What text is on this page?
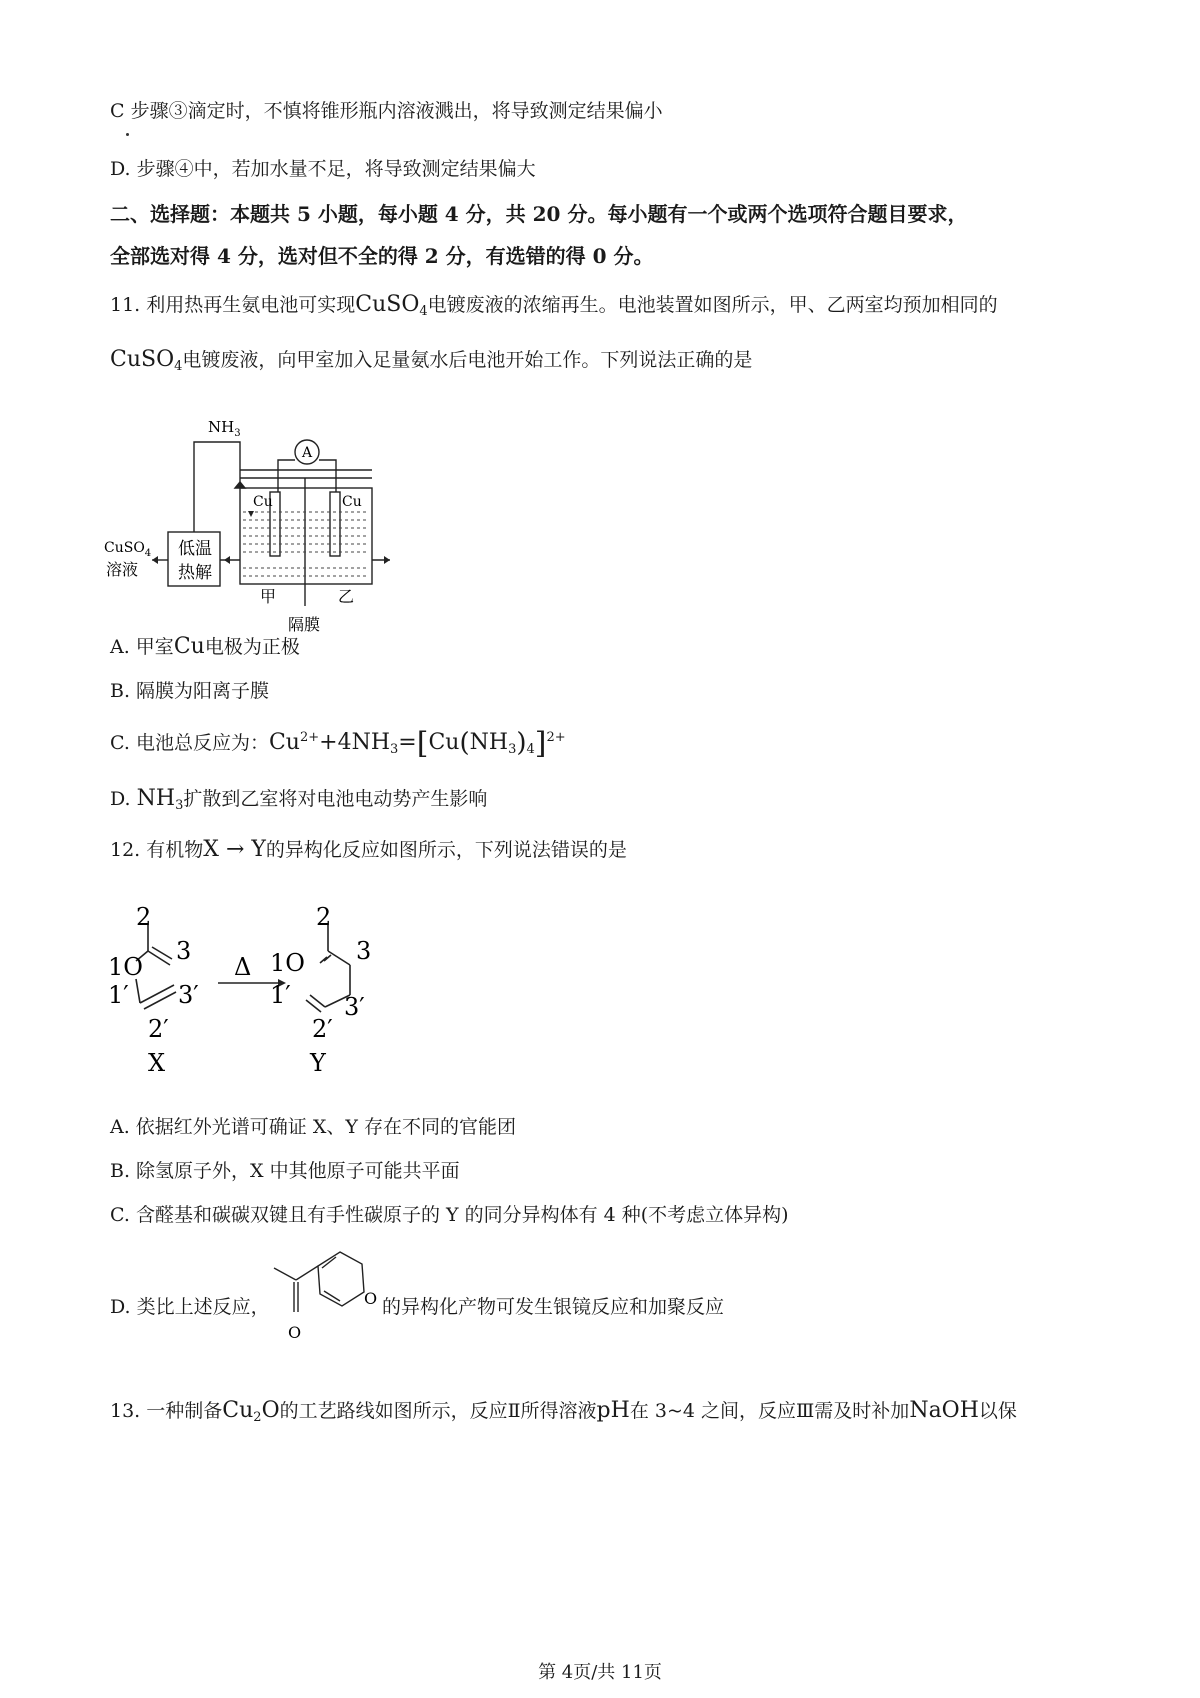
C 步骤③滴定时，不慎将锥形瓶内溶液溅出，将导致测定结果偏小
D. 步骤④中，若加水量不足，将导致测定结果偏大
二、选择题：本题共 5 小题，每小题 4 分，共 20 分。每小题有一个或两个选项符合题目要求，
全部选对得 4 分，选对但不全的得 2 分，有选错的得 0 分。
11. 利用热再生氨电池可实现CuSO$_4$电镀废液的浓缩再生。电池装置如图所示，甲、乙两室均预加相同的
CuSO$_4$电镀废液，向甲室加入足量氨水后电池开始工作。下列说法正确的是
$NH_3$
A
Cu	Cu
CuSO$_4$
溶液
低温
热解
甲	乙
隔膜
A. 甲室Cu电极为正极
B. 隔膜为阳离子膜
C. 电池总反应为：$Cu^{2+}+4NH_3=[Cu(NH_3)_4]^{2+}$
D. $NH_3$扩散到乙室将对电池电动势产生影响
12. 有机物X → Y的异构化反应如图所示，下列说法错误的是
2
3
1O
1′ 3′
2′
X
Δ
2
3
1O
1′ 3′
2′
Y
A. 依据红外光谱可确证 X、Y 存在不同的官能团
B. 除氢原子外，X 中其他原子可能共平面
C. 含醛基和碳碳双键且有手性碳原子的 Y 的同分异构体有 4 种(不考虑立体异构)
D. 类比上述反应，	O
O
的异构化产物可发生银镜反应和加聚反应
13. 一种制备$Cu_2O$的工艺路线如图所示，反应Ⅱ所得溶液pH在 3~4 之间，反应Ⅲ需及时补加NaOH以保
第 4页/共 11页
